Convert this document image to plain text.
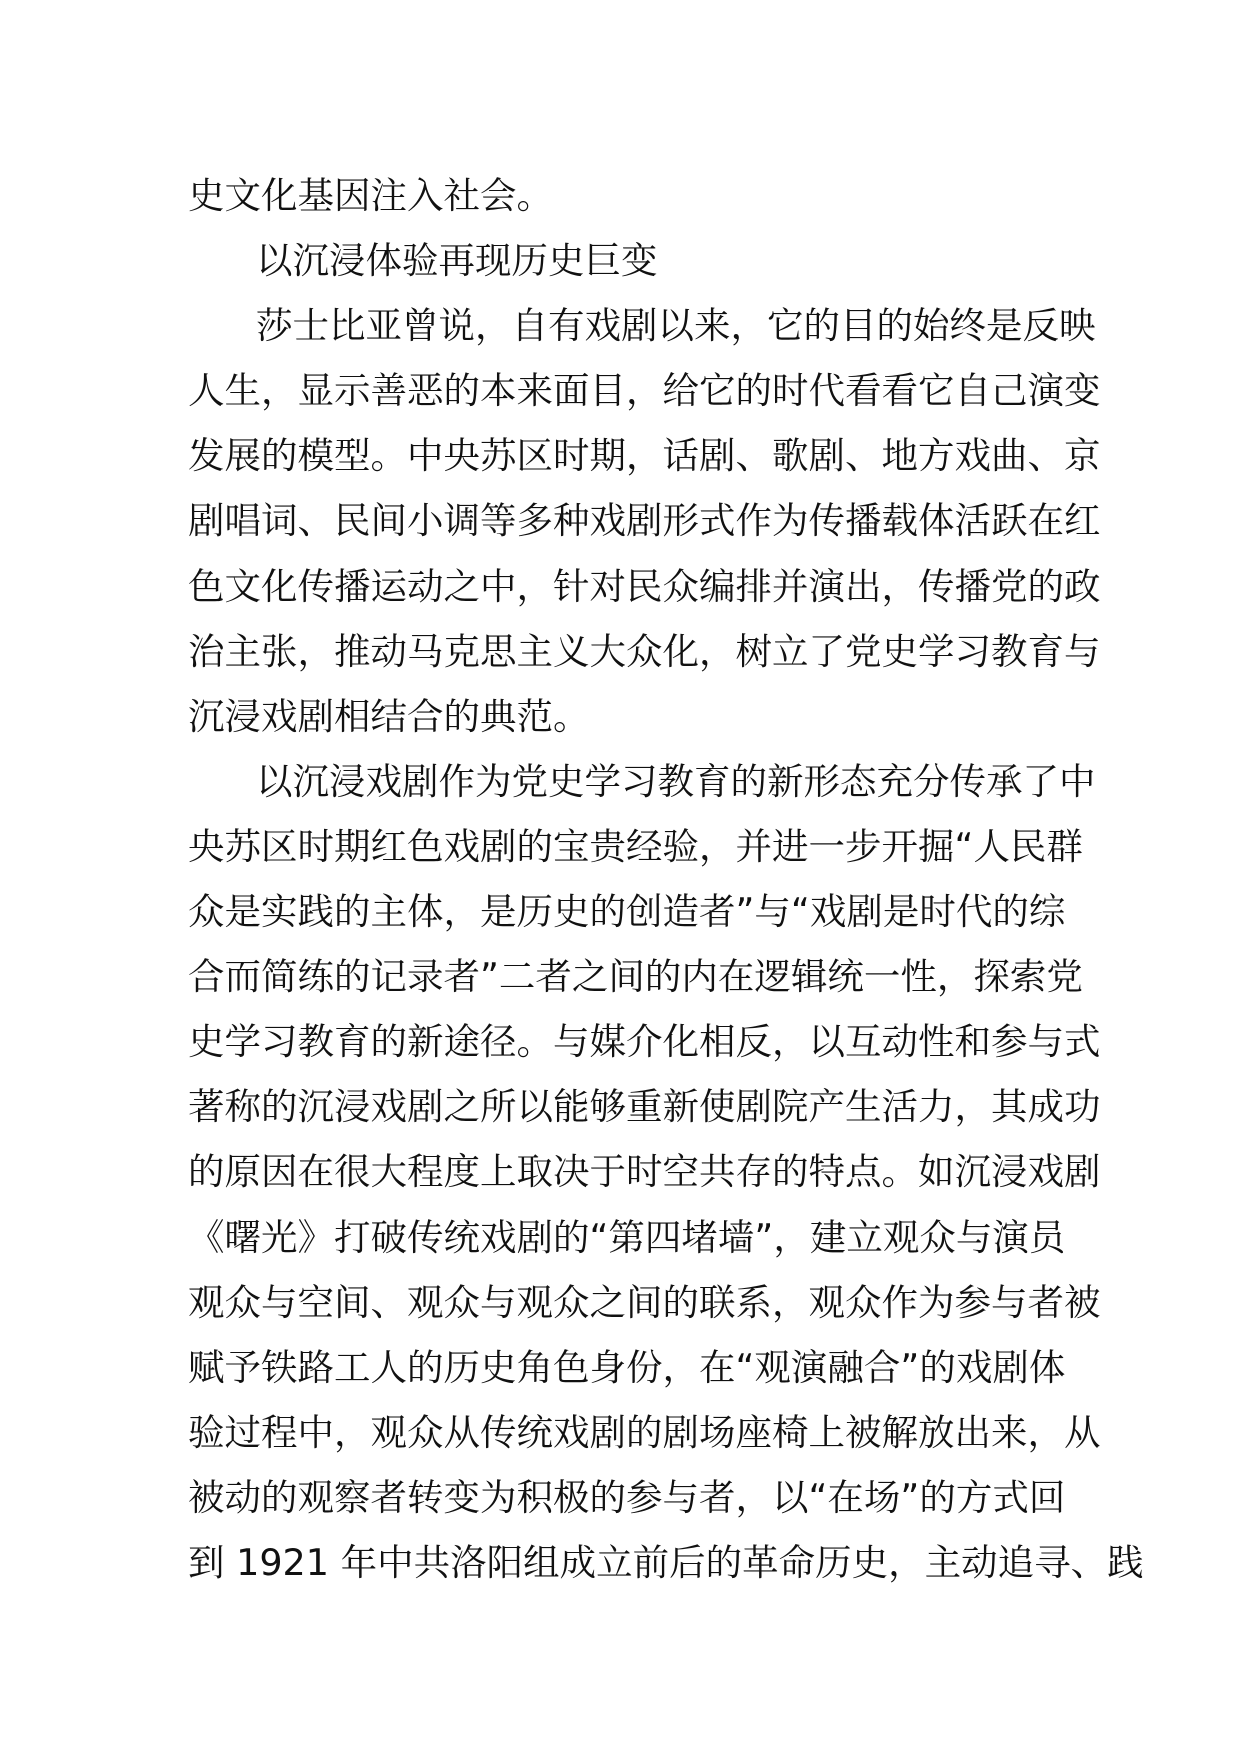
史文化基因注入社会。
以沉浸体验再现历史巨变
莎士比亚曾说，自有戏剧以来，它的目的始终是反映
人生，显示善恶的本来面目，给它的时代看看它自己演变
发展的模型。中央苏区时期，话剧、歌剧、地方戏曲、京
剧唱词、民间小调等多种戏剧形式作为传播载体活跃在红
色文化传播运动之中，针对民众编排并演出，传播党的政
治主张，推动马克思主义大众化，树立了党史学习教育与
沉浸戏剧相结合的典范。
以沉浸戏剧作为党史学习教育的新形态充分传承了中
央苏区时期红色戏剧的宝贵经验，并进一步开掘“人民群
众是实践的主体，是历史的创造者”与“戏剧是时代的综
合而简练的记录者”二者之间的内在逻辑统一性，探索党
史学习教育的新途径。与媒介化相反，以互动性和参与式
著称的沉浸戏剧之所以能够重新使剧院产生活力，其成功
的原因在很大程度上取决于时空共存的特点。如沉浸戏剧
《曙光》打破传统戏剧的“第四堵墙”，建立观众与演员
观众与空间、观众与观众之间的联系，观众作为参与者被
赋予铁路工人的历史角色身份，在“观演融合”的戏剧体
验过程中，观众从传统戏剧的剧场座椅上被解放出来，从
被动的观察者转变为积极的参与者，以“在场”的方式回
到 1921 年中共洛阳组成立前后的革命历史，主动追寻、践
